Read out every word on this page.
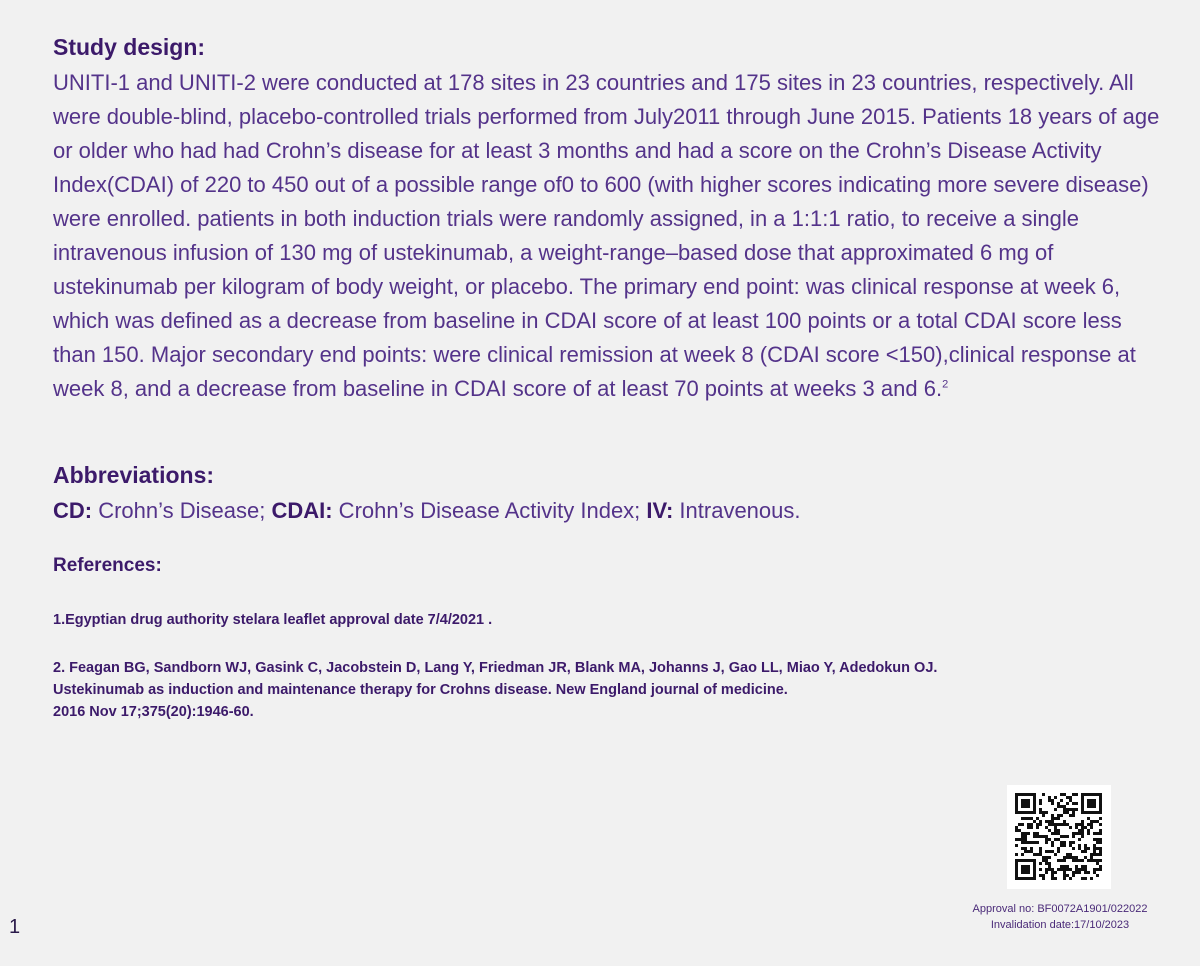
Study design:

UNITI-1 and UNITI-2 were conducted at 178 sites in 23 countries and 175 sites in 23 countries, respectively. All were double-blind, placebo-controlled trials performed from July2011 through June 2015. Patients 18 years of age or older who had had Crohn’s disease for at least 3 months and had a score on the Crohn’s Disease Activity Index(CDAI) of 220 to 450 out of a possible range of0 to 600 (with higher scores indicating more severe disease) were enrolled. patients in both induction trials were randomly assigned, in a 1:1:1 ratio, to receive a single intravenous infusion of 130 mg of ustekinumab, a weight-range–based dose that approximated 6 mg of ustekinumab per kilogram of body weight, or placebo. The primary end point: was clinical response at week 6, which was defined as a decrease from baseline in CDAI score of at least 100 points or a total CDAI score less than 150. Major secondary end points: were clinical remission at week 8 (CDAI score <150),clinical response at week 8, and a decrease from baseline in CDAI score of at least 70 points at weeks 3 and 6.$^2$

Abbreviations:

CD: Crohn’s Disease; CDAI: Crohn’s Disease Activity Index; IV: Intravenous.

References:

1.Egyptian drug authority stelara leaflet approval date 7/4/2021 .

2. Feagan BG, Sandborn WJ, Gasink C, Jacobstein D, Lang Y, Friedman JR, Blank MA, Johanns J, Gao LL, Miao Y, Adedokun OJ.
Ustekinumab as induction and maintenance therapy for Crohns disease. New England journal of medicine.
2016 Nov 17;375(20):1946-60.

Approval no: BF0072A1901/022022
Invalidation date:17/10/2023
1
